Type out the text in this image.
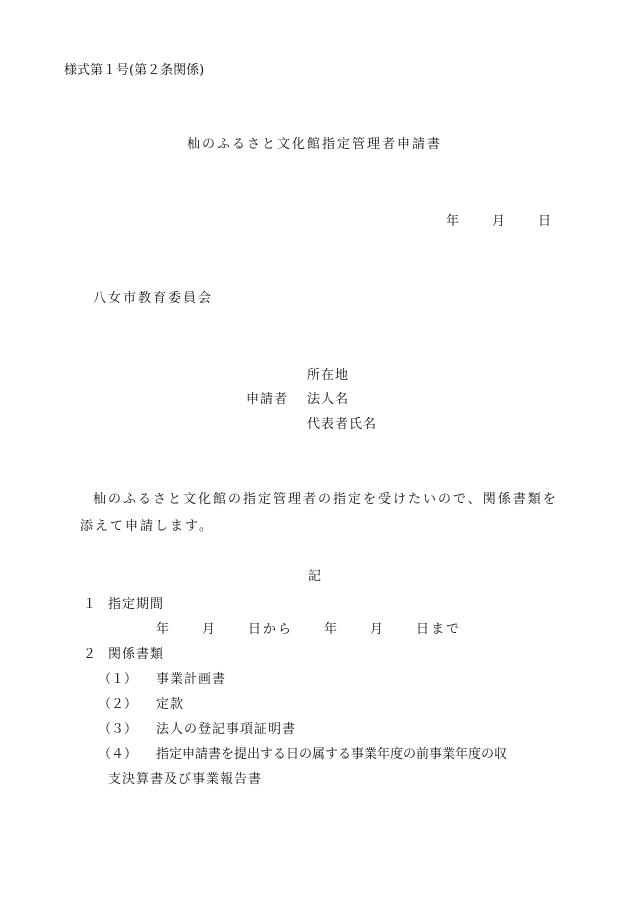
様式第１号(第２条関係)
杣のふるさと文化館指定管理者申請書
年	月	日
八女市教育委員会
申請者
所在地
法人名
代表者氏名
杣のふるさと文化館の指定管理者の指定を受けたいので、関係書類を
添えて申請します。
記
１ 指定期間
年	月	日から 年	月	日まで
２ 関係書類
（１） 事業計画書
（２） 定款
（３） 法人の登記事項証明書
（４） 指定申請書を提出する日の属する事業年度の前事業年度の収
支決算書及び事業報告書
